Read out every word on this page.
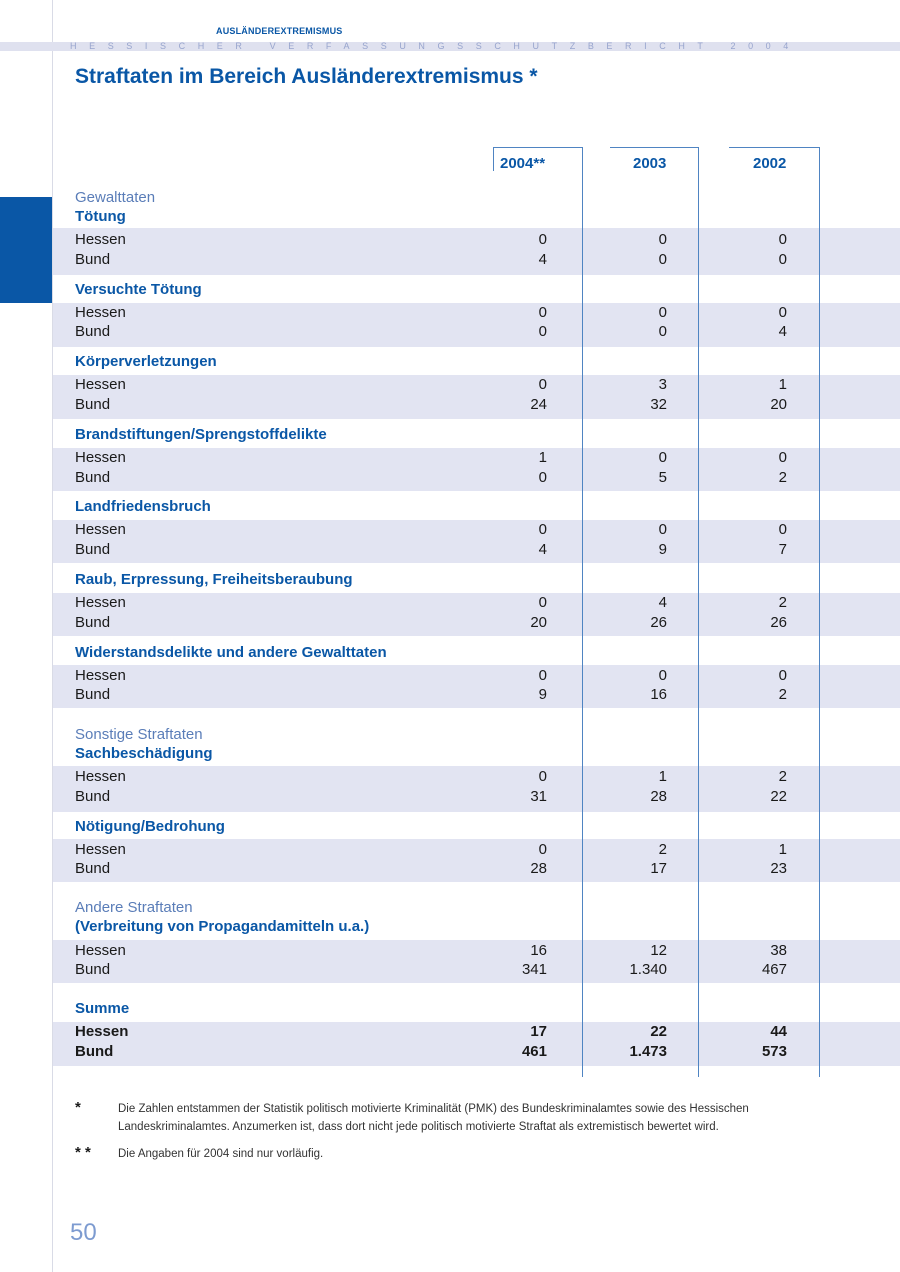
AUSLÄNDEREXTREMISMUS
HESSISCHER VERFASSUNGSSCHUTZBERICHT 2004
Straftaten im Bereich Ausländerextremismus *
2004**	2003	2002
Gewalttaten
Tötung
Hessen	0	0	0
Bund	4	0	0
Versuchte Tötung
Hessen	0	0	0
Bund	0	0	4
Körperverletzungen
Hessen	0	3	1
Bund	24	32	20
Brandstiftungen/Sprengstoffdelikte
Hessen	1	0	0
Bund	0	5	2
Landfriedensbruch
Hessen	0	0	0
Bund	4	9	7
Raub, Erpressung, Freiheitsberaubung
Hessen	0	4	2
Bund	20	26	26
Widerstandsdelikte und andere Gewalttaten
Hessen	0	0	0
Bund	9	16	2
Sonstige Straftaten
Sachbeschädigung
Hessen	0	1	2
Bund	31	28	22
Nötigung/Bedrohung
Hessen	0	2	1
Bund	28	17	23
Andere Straftaten
(Verbreitung von Propagandamitteln u.a.)
Hessen	16	12	38
Bund	341	1.340	467
Summe
Hessen	17	22	44
Bund	461	1.473	573
*	Die Zahlen entstammen der Statistik politisch motivierte Kriminalität (PMK) des Bundeskriminalamtes sowie des Hessischen Landeskriminalamtes. Anzumerken ist, dass dort nicht jede politisch motivierte Straftat als extremistisch bewertet wird.
* * Die Angaben für 2004 sind nur vorläufig.
50
